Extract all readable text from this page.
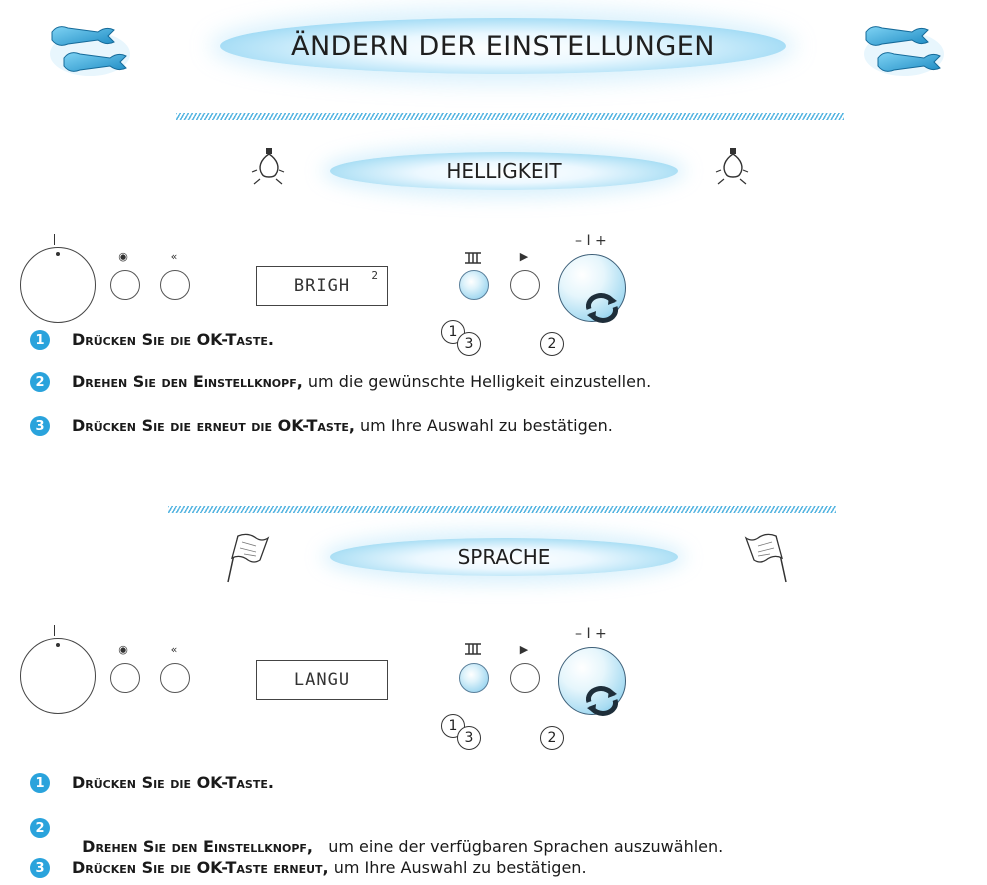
ÄNDERN DER EINSTELLUNGEN
HELLIGKEIT
◉	«
BRIGH
2
▶
– I +
1
3	2
1	Drücken Sie die OK-Taste.
2	Drehen Sie den Einstellknopf, um die gewünschte Helligkeit einzustellen.
3	Drücken Sie die erneut die OK-Taste, um Ihre Auswahl zu bestätigen.
SPRACHE
◉	«
LANGU
▶
– I +
1
3	2
1	Drücken Sie die OK-Taste.
2

Drehen Sie den Einstellknopf,   um eine der verfügbaren Sprachen auszuwählen.

3	Drücken Sie die OK-Taste erneut, um Ihre Auswahl zu bestätigen.
